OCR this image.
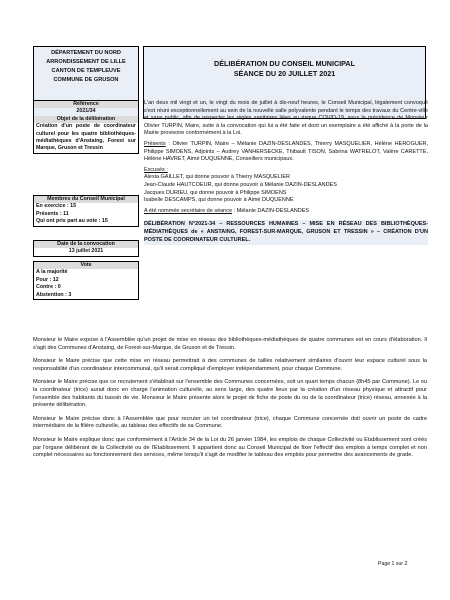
DÉPARTEMENT DU NORD
ARRONDISSEMENT DE LILLE
CANTON DE TEMPLEUVE
COMMUNE DE GRUSON
DÉLIBÉRATION DU CONSEIL MUNICIPAL
SÉANCE DU 20 JUILLET 2021
Référence
2021/34
Objet de la délibération
Création d'un poste de coordinateur culturel pour les quatre bibliothèques-médiathèques d'Anstaing, Forest sur Marque, Gruson et Tressin
Membres du Conseil Municipal
En exercice : 15
Présents : 11
Qui ont pris part au vote : 15
Date de la convocation
13 juillet 2021
Vote
A la majorité
Pour : 12
Contre : 0
Abstention : 3

L'an deux mil vingt et un, le vingt du mois de juillet à dix-neuf heures, le Conseil Municipal, légalement convoqué s'est réuni exceptionnellement au sein de la nouvelle salle polyvalente pendant le temps des travaux du Centre-ville et sans public, afin de respecter les règles sanitaires liées au risque COVID-19, sous la présidence de Monsieur Olivier TURPIN, Maire, suite à la convocation qui lui a été faite et dont un exemplaire a été affiché à la porte de la Mairie provisoire conformément à la Loi.

Présents : Olivier TURPIN, Maire – Mélanie DAZIN-DESLANDES, Thierry MASQUELIER, Hélène HEROGUER, Philippe SIMOENS, Adjoints – Audrey VANHERSECKE, Thibault TISON, Sabrina WATRELOT, Valère CARETTE, Hélène HAVRET, Aimé DUQUENNE, Conseillers municipaux.

Excusés :
Alexia GAILLET, qui donne pouvoir à Thierry MASQUELIER
Jean-Claude HAUTCOEUR, qui donne pouvoir à Mélanie DAZIN-DESLANDES
Jacques DURIEU, qui donne pouvoir à Philippe SIMOENS
Isabelle DESCAMPS, qui donne pouvoir à Aimé DUQUENNE

A été nommée secrétaire de séance : Mélanie DAZIN-DESLANDES

DÉLIBÉRATION N°2021-34 – RESSOURCES HUMAINES – MISE EN RÉSEAU DES BIBLIOTHÈQUES-MÉDIATHÈQUES de « ANSTAING, FOREST-SUR-MARQUE, GRUSON ET TRESSIN » – CRÉATION D'UN POSTE DE COORDINATEUR CULTUREL.

Monsieur le Maire expose à l'Assemblée qu'un projet de mise en réseau des bibliothèques-médiathèques de quatre communes est en cours d'élaboration. Il s'agit des Communes d'Anstaing, de Forest-sur-Marque, de Gruson et de Tressin.

Monsieur le Maire précise que cette mise en réseau permettrait à des communes de tailles relativement similaires d'ouvrir leur espace culturel sous la responsabilité d'un coordinateur intercommunal, qu'il serait compliqué d'employer indépendamment, pour chaque Commune.

Monsieur le Maire précise que ce recrutement s'établirait sur l'ensemble des Communes concernées, soit un quart temps chacun (8h45 par Commune). Le ou la coordinateur (trice) aurait donc en charge l'animation culturelle, au sens large, des quatre lieux par la création d'un réseau physique et attractif pour l'ensemble des habitants du bassin de vie. Monsieur le Maire présente alors le projet de fiche de poste du ou de la coordinateur (trice) réseau, annexée à la présente délibération.

Monsieur le Maire précise donc à l'Assemblée que pour recruter un tel coordinateur (trice), chaque Commune concernée doit ouvrir un poste de cadre intermédiaire de la filière culturelle, au tableau des effectifs de sa Commune.

Monsieur le Maire explique donc que conformément à l'Article 34 de la Loi du 26 janvier 1984, les emplois de chaque Collectivité ou Etablissement sont créés par l'organe délibérant de la Collectivité ou de l'Etablissement. Il appartient donc au Conseil Municipal de fixer l'effectif des emplois à temps complet et non complet nécessaires au fonctionnement des services, même lorsqu'il s'agit de modifier le tableau des emplois pour permettre des avancements de grade.

Page 1 sur 2
